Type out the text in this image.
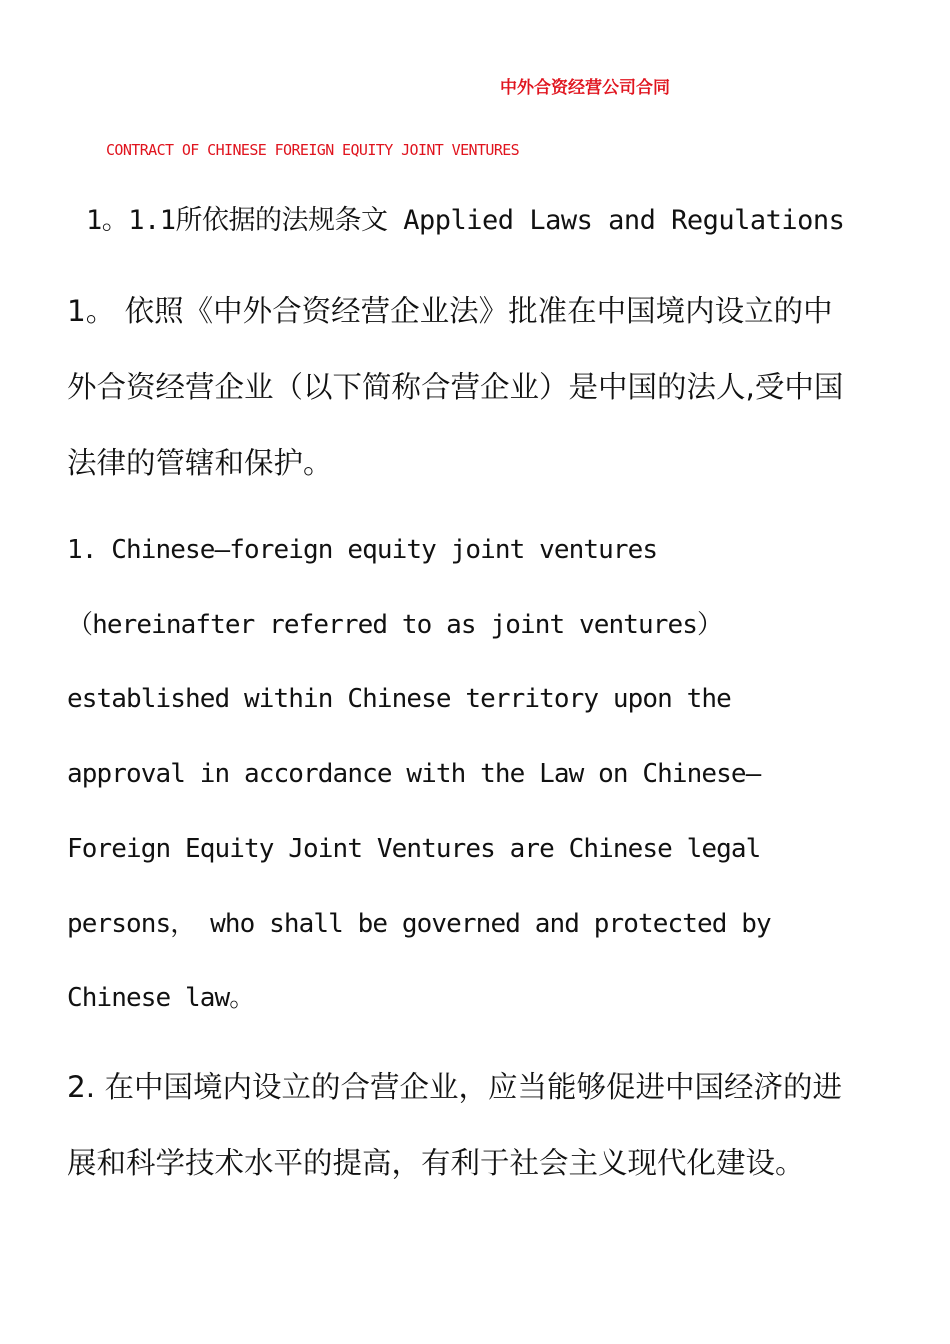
中外合资经营公司合同
CONTRACT OF CHINESE FOREIGN EQUITY JOINT VENTURES
1。1.1所依据的法规条文 Applied Laws and Regulations

1。 依照《中外合资经营企业法》批准在中国境内设立的中
外合资经营企业（以下简称合营企业）是中国的法人,受中国
法律的管辖和保护。

1. Chinese—foreign equity joint ventures
（hereinafter referred to as joint ventures）
established within Chinese territory upon the
approval in accordance with the Law on Chinese—
Foreign Equity Joint Ventures are Chinese legal
persons， who shall be governed and protected by
Chinese law。

2. 在中国境内设立的合营企业，应当能够促进中国经济的进
展和科学技术水平的提高，有利于社会主义现代化建设。
